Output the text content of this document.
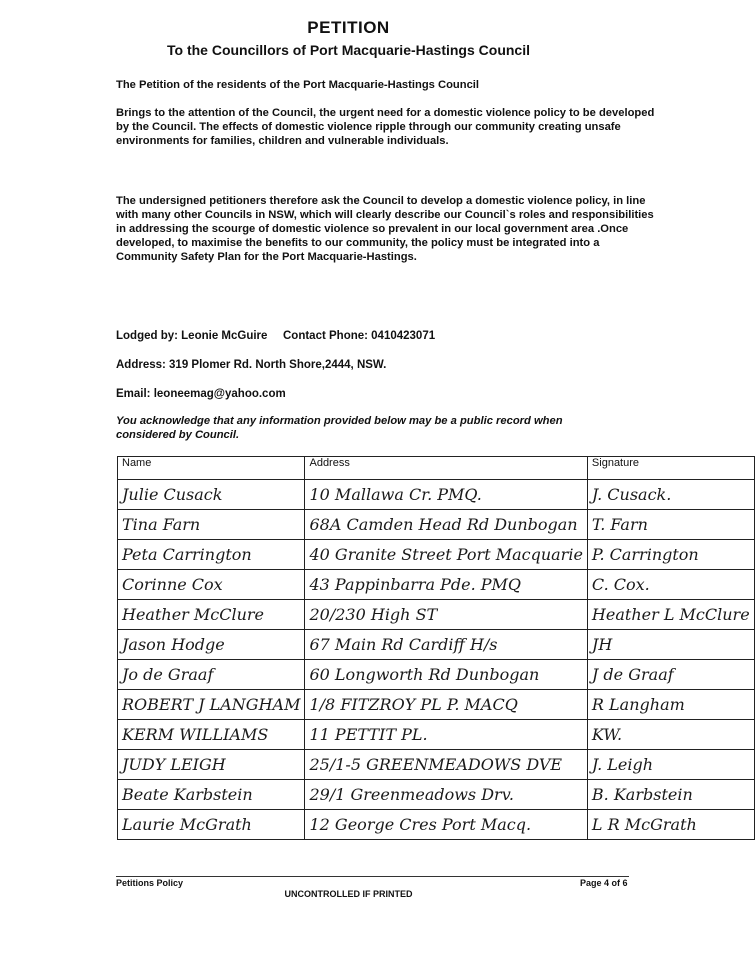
PETITION
To the Councillors of Port Macquarie-Hastings Council
The Petition of the residents of the Port Macquarie-Hastings Council
Brings to the attention of the Council, the urgent need for a domestic violence policy to be developed by the Council. The effects of domestic violence ripple through our community creating unsafe environments for families, children and vulnerable individuals.
The undersigned petitioners therefore ask the Council to develop a domestic violence policy, in line with many other Councils in NSW, which will clearly describe our Council`s roles and responsibilities in addressing the scourge of domestic violence so prevalent in our local government area .Once developed, to maximise the benefits to our community, the policy must be integrated into a Community Safety Plan for the Port Macquarie-Hastings.
Lodged by: Leonie McGuire Contact Phone: 0410423071
Address: 319 Plomer Rd. North Shore,2444, NSW.
Email: leoneemag@yahoo.com
You acknowledge that any information provided below may be a public record when considered by Council.
Name	Address	Signature
Julie Cusack	10 Mallawa Cr. PMQ.	J. Cusack.
Tina Farn	68A Camden Head Rd Dunbogan	T. Farn
Peta Carrington	40 Granite Street Port Macquarie	P. Carrington
Corinne Cox	43 Pappinbarra Pde. PMQ	C. Cox.
Heather McClure	20/230 High ST	Heather L McClure
Jason Hodge	67 Main Rd Cardiff H/s	JH
Jo de Graaf	60 Longworth Rd Dunbogan	J de Graaf
ROBERT J LANGHAM	1/8 FITZROY PL P. MACQ	R Langham
KERM WILLIAMS	11 PETTIT PL.	KW.
JUDY LEIGH	25/1-5 GREENMEADOWS DVE	J. Leigh
Beate Karbstein	29/1 Greenmeadows Drv.	B. Karbstein
Laurie McGrath	12 George Cres Port Macq.	L R McGrath
Petitions Policy	Page 4 of 6
UNCONTROLLED IF PRINTED
